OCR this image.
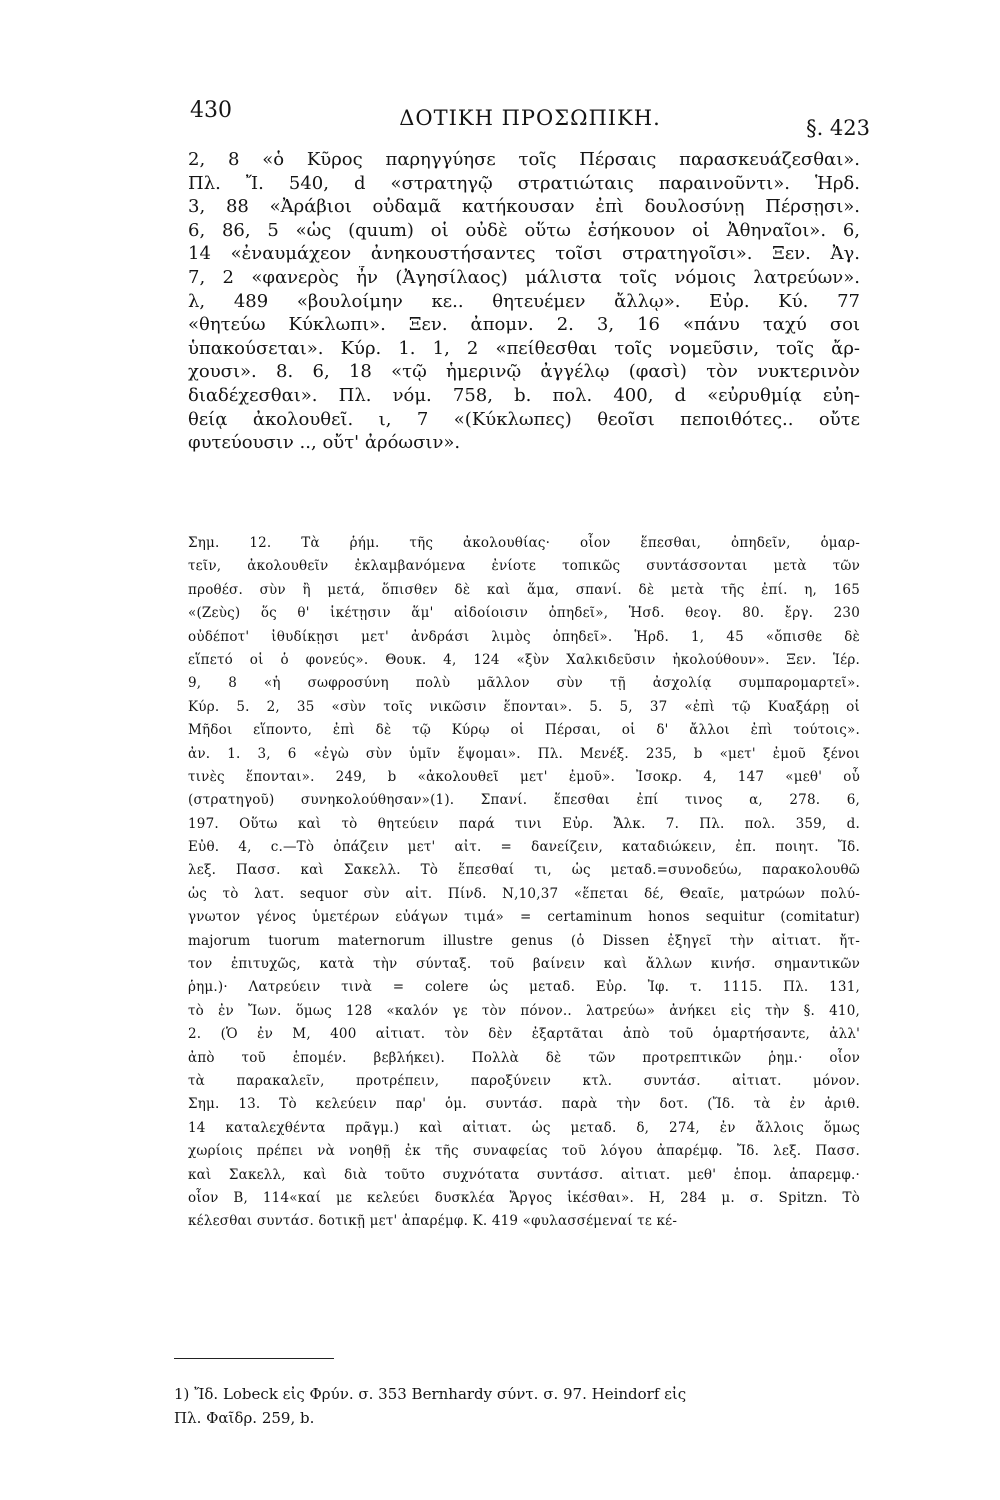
430	ΔΟΤΙΚΗ ΠΡΟΣΩΠΙΚΗ.	§. 423
2, 8 «ὁ Κῦρος παρηγγύησε τοῖς Πέρσαις παρασκευάζεσθαι».
Πλ. Ἴ. 540, d «στρατηγῷ στρατιώταις παραινοῦντι». Ἡρδ.
3, 88 «Ἀράβιοι οὐδαμᾶ κατήκουσαν ἐπὶ δουλοσύνῃ Πέρσῃσι».
6, 86, 5 «ὡς (quum) οἱ οὐδὲ οὕτω ἐσήκουον οἱ Ἀθηναῖοι». 6,
14 «ἐναυμάχεον ἀνηκουστήσαντες τοῖσι στρατηγοῖσι». Ξεν. Ἀγ.
7, 2 «φανερὸς ἦν (Ἀγησίλαος) μάλιστα τοῖς νόμοις λατρεύων».
λ, 489 «βουλοίμην κε.. θητευέμεν ἄλλῳ». Εὐρ. Κύ. 77
«θητεύω Κύκλωπι». Ξεν. ἀπομν. 2. 3, 16 «πάνυ ταχύ σοι
ὑπακούσεται». Κύρ. 1. 1, 2 «πείθεσθαι τοῖς νομεῦσιν, τοῖς ἄρ-
χουσι». 8. 6, 18 «τῷ ἡμερινῷ ἀγγέλῳ (φασὶ) τὸν νυκτερινὸν
διαδέχεσθαι». Πλ. νόμ. 758, b. πολ. 400, d «εὐρυθμίᾳ εὐη-
θείᾳ ἀκολουθεῖ. ι, 7 «(Κύκλωπες) θεοῖσι πεποιθότες.. οὔτε
φυτεύουσιν .., οὔτ' ἀρόωσιν».
Σημ. 12. Τὰ ῥήμ. τῆς ἀκολουθίας· οἷον ἕπεσθαι, ὀπηδεῖν, ὁμαρ-
τεῖν, ἀκολουθεῖν ἐκλαμβανόμενα ἐνίοτε τοπικῶς συντάσσονται μετὰ τῶν
προθέσ. σὺν ἢ μετά, ὅπισθεν δὲ καὶ ἅμα, σπανί. δὲ μετὰ τῆς ἐπί. η, 165
«(Ζεὺς) ὅς θ' ἱκέτῃσιν ἅμ' αἰδοίοισιν ὀπηδεῖ», Ἡσδ. θεογ. 80. ἔργ. 230
οὐδέποτ' ἰθυδίκῃσι μετ' ἀνδράσι λιμὸς ὀπηδεῖ». Ἡρδ. 1, 45 «ὄπισθε δὲ
εἵπετό οἱ ὁ φονεύς». Θουκ. 4, 124 «ξὺν Χαλκιδεῦσιν ἠκολούθουν». Ξεν. Ἱέρ.
9, 8 «ἡ σωφροσύνη πολὺ μᾶλλον σὺν τῇ ἀσχολίᾳ συμπαρομαρτεῖ».
Κύρ. 5. 2, 35 «σὺν τοῖς νικῶσιν ἕπονται». 5. 5, 37 «ἐπὶ τῷ Κυαξάρῃ οἱ
Μῆδοι εἵποντο, ἐπὶ δὲ τῷ Κύρῳ οἱ Πέρσαι, οἱ δ' ἄλλοι ἐπὶ τούτοις».
ἀν. 1. 3, 6 «ἐγὼ σὺν ὑμῖν ἕψομαι». Πλ. Μενέξ. 235, b «μετ' ἐμοῦ ξένοι
τινὲς ἕπονται». 249, b «ἀκολουθεῖ μετ' ἐμοῦ». Ἰσοκρ. 4, 147 «μεθ' οὗ
(στρατηγοῦ) συνηκολούθησαν»(1). Σπανί. ἕπεσθαι ἐπί τινος α, 278. 6,
197. Οὕτω καὶ τὸ θητεύειν παρά τινι Εὐρ. Ἄλκ. 7. Πλ. πολ. 359, d.
Εὐθ. 4, c.—Τὸ ὀπάζειν μετ' αἰτ. = δανείζειν, καταδιώκειν, ἐπ. ποιητ. Ἴδ.
λεξ. Πασσ. καὶ Σακελλ. Τὸ ἕπεσθαί τι, ὡς μεταδ.=συνοδεύω, παρακολουθῶ
ὡς τὸ λατ. sequor σὺν αἰτ. Πίνδ. Ν,10,37 «ἕπεται δέ, Θεαῖε, ματρώων πολύ-
γνωτον γένος ὑμετέρων εὐάγων τιμά» = certaminum honos sequitur (comitatur)
majorum tuorum maternorum illustre genus (ὁ Dissen ἐξηγεῖ τὴν αἰτιατ. ἤτ-
τον ἐπιτυχῶς, κατὰ τὴν σύνταξ. τοῦ βαίνειν καὶ ἄλλων κινήσ. σημαντικῶν
ῥημ.)· Λατρεύειν τινὰ = colere ὡς μεταδ. Εὐρ. Ἰφ. τ. 1115. Πλ. 131,
τὸ ἐν Ἴων. ὅμως 128 «καλόν γε τὸν πόνον.. λατρεύω» ἀνήκει εἰς τὴν §. 410,
2. (Ὁ ἐν Μ, 400 αἰτιατ. τὸν δὲν ἐξαρτᾶται ἀπὸ τοῦ ὁμαρτήσαντε, ἀλλ'
ἀπὸ τοῦ ἑπομέν. βεβλήκει). Πολλὰ δὲ τῶν προτρεπτικῶν ῥημ.· οἷον
τὰ παρακαλεῖν, προτρέπειν, παροξύνειν κτλ. συντάσ. αἰτιατ. μόνον.
Σημ. 13. Τὸ κελεύειν παρ' ὁμ. συντάσ. παρὰ τὴν δοτ. (Ἴδ. τὰ ἐν ἀριθ.
14 καταλεχθέντα πρᾶγμ.) καὶ αἰτιατ. ὡς μεταδ. δ, 274, ἐν ἄλλοις ὅμως
χωρίοις πρέπει νὰ νοηθῇ ἐκ τῆς συναφείας τοῦ λόγου ἀπαρέμφ. Ἴδ. λεξ. Πασσ.
καὶ Σακελλ, καὶ διὰ τοῦτο συχνότατα συντάσσ. αἰτιατ. μεθ' ἑπομ. ἀπαρεμφ.·
οἷον Β, 114«καί με κελεύει δυσκλέα Ἄργος ἱκέσθαι». Η, 284 μ. σ. Spitzn. Τὸ
κέλεσθαι συντάσ. δοτικῇ μετ' ἀπαρέμφ. Κ. 419 «φυλασσέμεναί τε κέ-
1) Ἴδ. Lobeck εἰς Φρύν. σ. 353 Bernhardy σύντ. σ. 97. Heindorf εἰς
Πλ. Φαῖδρ. 259, b.
